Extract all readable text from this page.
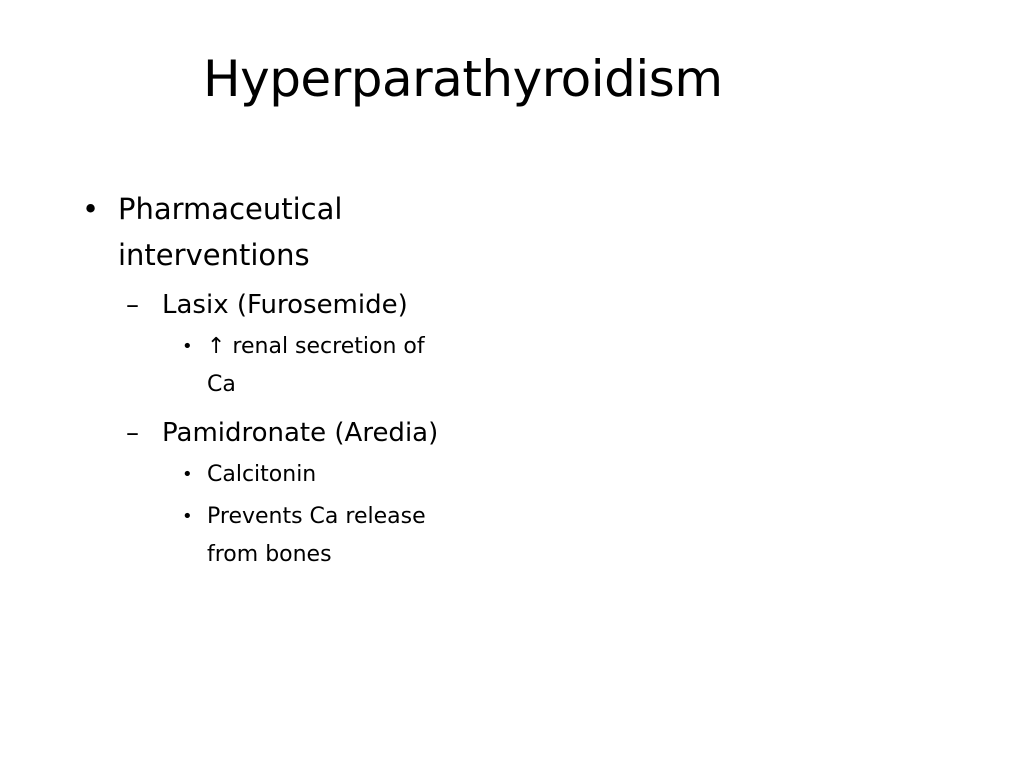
Hyperparathyroidism
• Pharmaceutical interventions
– Lasix (Furosemide)
• ↑ renal secretion of Ca
– Pamidronate (Aredia)
• Calcitonin
• Prevents Ca release from bones
